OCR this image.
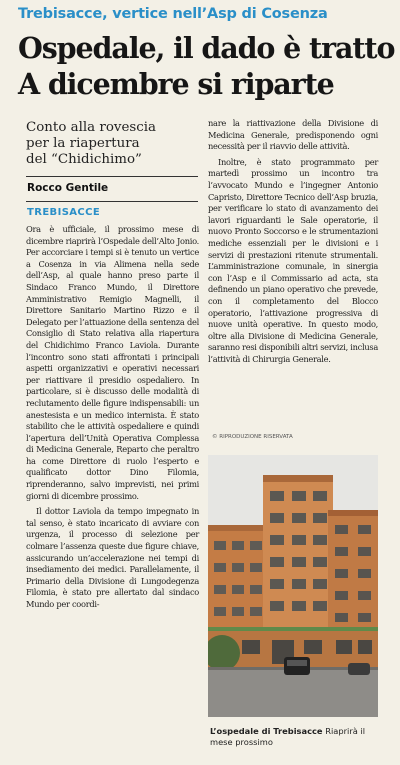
Trebisacce, vertice nell’Asp di Cosenza
Ospedale, il dado è tratto
A dicembre si riparte
Conto alla rovescia
per la riapertura
del “Chidichimo”
Rocco Gentile
TREBISACCE

Ora è ufficiale, il prossimo mese di dicembre riaprirà l’Ospedale dell’Alto Jonio. Per accorciare i tempi si è tenuto un vertice a Cosenza in via Alimena nella sede dell’Asp, al quale hanno preso parte il Sindaco Franco Mundo, il Direttore Amministrativo Remigio Magnelli, il Direttore Sanitario Martino Rizzo e il Delegato per l’attuazione della sentenza del Consiglio di Stato relativa alla riapertura del Chidichimo Franco Laviola. Durante l’incontro sono stati affrontati i principali aspetti organizzativi e operativi necessari per riattivare il presidio ospedaliero. In particolare, si è discusso delle modalità di reclutamento delle figure indispensabili: un anestesista e un medico internista. È stato stabilito che le attività ospedaliere e quindi l’apertura dell’Unità Operativa Complessa di Medicina Generale, Reparto che peraltro ha come Direttore di ruolo l’esperto e qualificato dottor Dino Filomia, riprenderanno, salvo imprevisti, nei primi giorni di dicembre prossimo.

Il dottor Laviola da tempo impegnato in tal senso, è stato incaricato di avviare con urgenza, il processo di selezione per colmare l’assenza queste due figure chiave, assicurando un’accelerazione nei tempi di insediamento dei medici. Parallelamente, il Primario della Divisione di Lungodegenza Filomia, è stato pre allertato dal sindaco Mundo per coordi-

nare la riattivazione della Divisione di Medicina Generale, predisponendo ogni necessità per il riavvio delle attività.

Inoltre, è stato programmato per martedì prossimo un incontro tra l’avvocato Mundo e l’ingegner Antonio Capristo, Direttore Tecnico dell’Asp bruzia, per verificare lo stato di avanzamento dei lavori riguardanti le Sale operatorie, il nuovo Pronto Soccorso e le strumentazioni mediche essenziali per le divisioni e i servizi di prestazioni ritenute strumentali. L’amministrazione comunale, in sinergia con l’Asp e il Commissario ad acta, sta definendo un piano operativo che prevede, con il completamento del Blocco operatorio, l’attivazione progressiva di nuove unità operative. In questo modo, oltre alla Divisione di Medicina Generale, saranno resi disponibili altri servizi, inclusa l’attività di Chirurgia Generale.

© RIPRODUZIONE RISERVATA
L’ospedale di Trebisacce Riaprirà il mese prossimo
